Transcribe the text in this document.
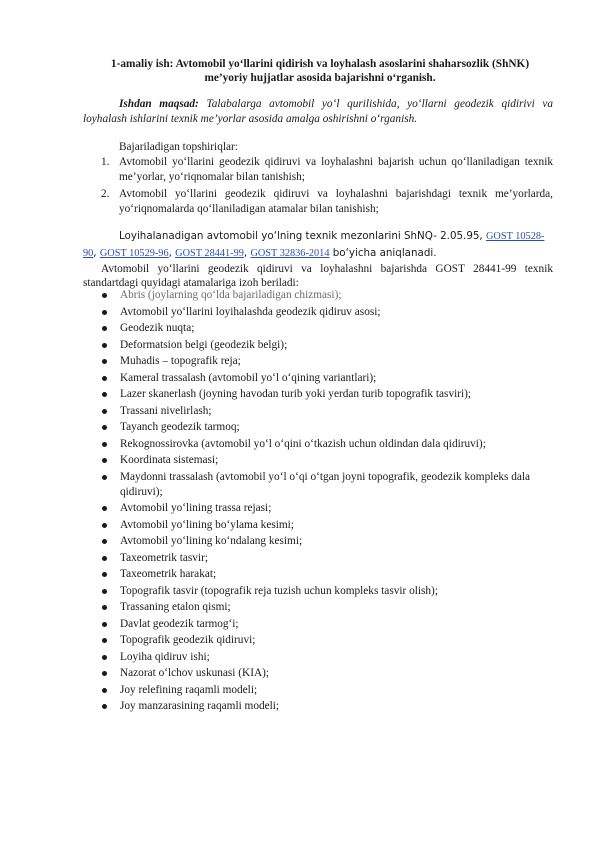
1-amaliy ish: Avtomobil yo‘llarini qidirish va loyhalash asoslarini shaharsozlik (ShNK) me’yoriy hujjatlar asosida bajarishni o‘rganish.
Ishdan maqsad: Talabalarga avtomobil yo‘l qurilishida, yo‘llarni geodezik qidirivi va loyhalash ishlarini texnik me’yorlar asosida amalga oshirishni o‘rganish.
Bajariladigan topshiriqlar:
1. Avtomobil yo‘llarini geodezik qidiruvi va loyhalashni bajarish uchun qo‘llaniladigan texnik me’yorlar, yo‘riqnomalar bilan tanishish;
2. Avtomobil yo‘llarini geodezik qidiruvi va loyhalashni bajarishdagi texnik me’yorlarda, yo‘riqnomalarda qo‘llaniladigan atamalar bilan tanishish;
Loyihalanadigan avtomobil yo‘lning texnik mezonlarini ShNQ- 2.05.95, GOST 10528-90, GOST 10529-96, GOST 28441-99, GOST 32836-2014 bo‘yicha aniqlanadi.
Avtomobil yo‘llarini geodezik qidiruvi va loyhalashni bajarishda GOST 28441-99 texnik standartdagi quyidagi atamalariga izoh beriladi:
Abris (joylarning qo‘lda bajariladigan chizmasi);
Avtomobil yo‘llarini loyihalashda geodezik qidiruv asosi;
Geodezik nuqta;
Deformatsion belgi (geodezik belgi);
Muhadis – topografik reja;
Kameral trassalash (avtomobil yo‘l o‘qining variantlari);
Lazer skanerlash (joyning havodan turib yoki yerdan turib topografik tasviri);
Trassani nivelirlash;
Tayanch geodezik tarmoq;
Rekognossirovka (avtomobil yo‘l o‘qini o‘tkazish uchun oldindan dala qidiruvi);
Koordinata sistemasi;
Maydonni trassalash (avtomobil yo‘l o‘qi o‘tgan joyni topografik, geodezik kompleks dala qidiruvi);
Avtomobil yo‘lining trassa rejasi;
Avtomobil yo‘lining bo‘ylama kesimi;
Avtomobil yo‘lining ko‘ndalang kesimi;
Taxeometrik tasvir;
Taxeometrik harakat;
Topografik tasvir (topografik reja tuzish uchun kompleks tasvir olish);
Trassaning etalon qismi;
Davlat geodezik tarmog‘i;
Topografik geodezik qidiruvi;
Loyiha qidiruv ishi;
Nazorat o‘lchov uskunasi (KIA);
Joy relefining raqamli modeli;
Joy manzarasining raqamli modeli;
